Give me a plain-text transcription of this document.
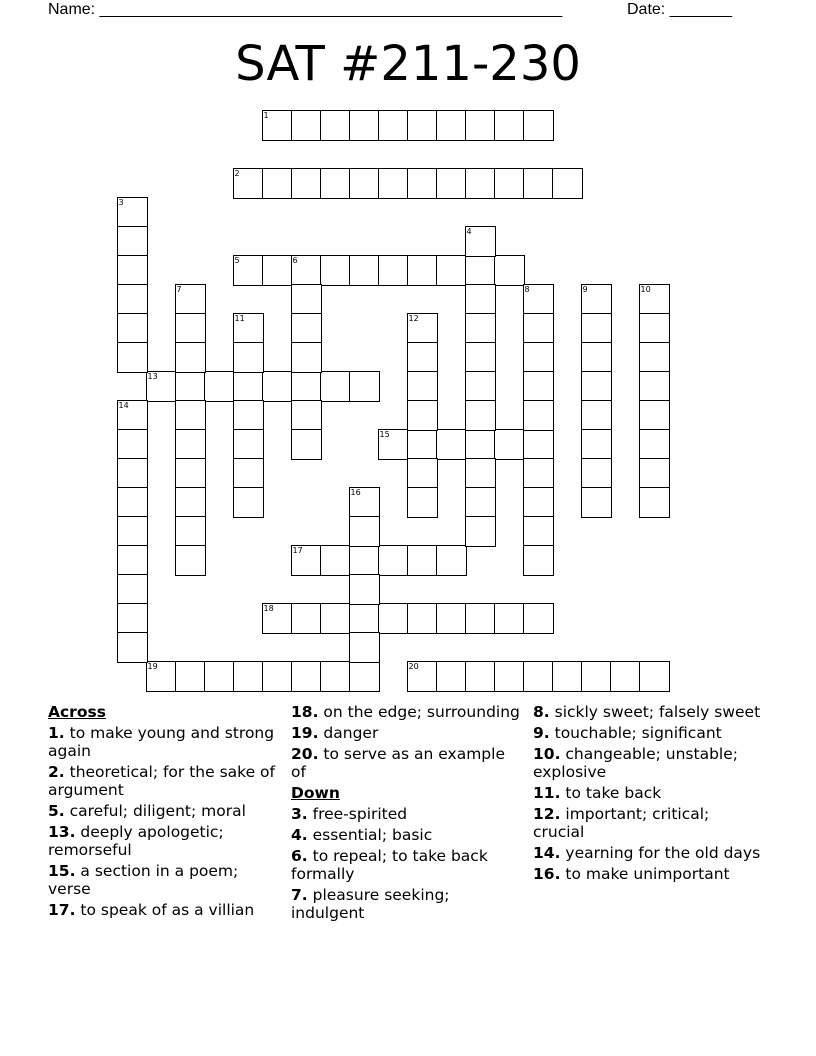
Name: ____________________________________________________	Date: _______
SAT #211-230
1
2
5	6
13
15
17
18
19	20
3
4
7	8	9	10
11	12
14
16
Across
1. to make young and strong again
2. theoretical; for the sake of argument
5. careful; diligent; moral
13. deeply apologetic; remorseful
15. a section in a poem; verse
17. to speak of as a villian
18. on the edge; surrounding
19. danger
20. to serve as an example of
Down
3. free-spirited
4. essential; basic
6. to repeal; to take back formally
7. pleasure seeking; indulgent
8. sickly sweet; falsely sweet
9. touchable; significant
10. changeable; unstable; explosive
11. to take back
12. important; critical; crucial
14. yearning for the old days
16. to make unimportant
